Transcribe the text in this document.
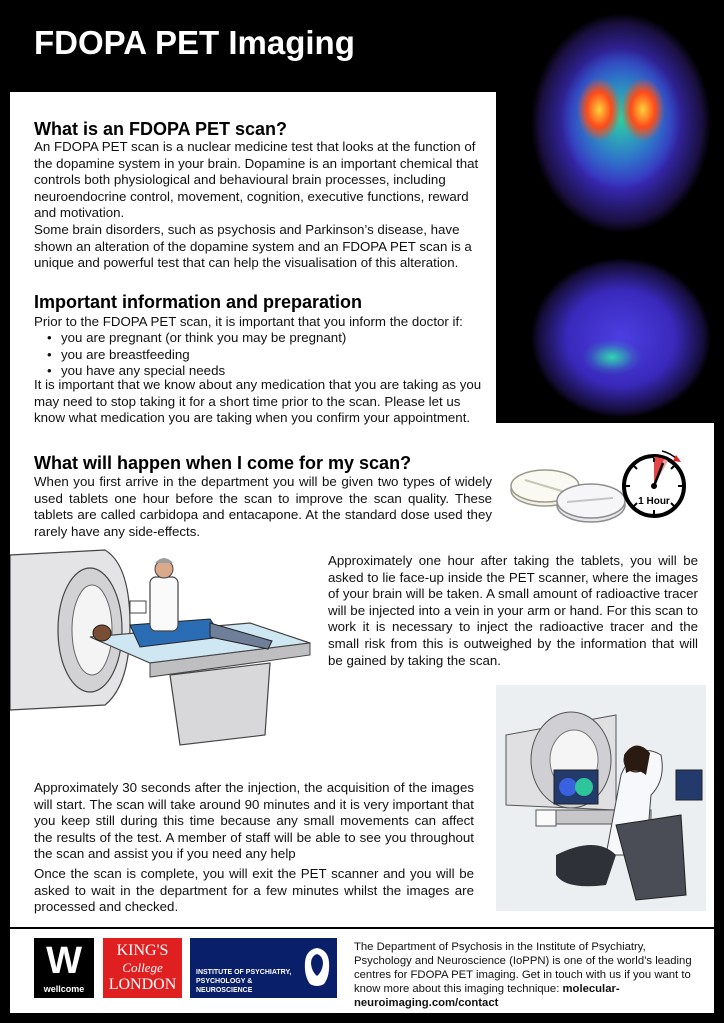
FDOPA PET Imaging
What is an FDOPA PET scan?

An FDOPA PET scan is a nuclear medicine test that looks at the function of the dopamine system in your brain. Dopamine is an important chemical that controls both physiological and behavioural brain processes, including neuroendocrine control, movement, cognition, executive functions, reward and motivation.

Some brain disorders, such as psychosis and Parkinson’s disease, have shown an alteration of the dopamine system and an FDOPA PET scan is a unique and powerful test that can help the visualisation of this alteration.

Important information and preparation

Prior to the FDOPA PET scan, it is important that you inform the doctor if:

• you are pregnant (or think you may be pregnant)
• you are breastfeeding
• you have any special needs

It is important that we know about any medication that you are taking as you may need to stop taking it for a short time prior to the scan. Please let us know what medication you are taking when you confirm your appointment.

What will happen when I come for my scan?

When you first arrive in the department you will be given two types of widely used tablets one hour before the scan to improve the scan quality. These tablets are called carbidopa and entacapone. At the standard dose used they rarely have any side-effects.

1 Hour

Approximately one hour after taking the tablets, you will be asked to lie face-up inside the PET scanner, where the images of your brain will be taken. A small amount of radioactive tracer will be injected into a vein in your arm or hand. For this scan to work it is necessary to inject the radioactive tracer and the small risk from this is outweighed by the information that will be gained by taking the scan.

Approximately 30 seconds after the injection, the acquisition of the images will start. The scan will take around 90 minutes and it is very important that you keep still during this time because any small movements can affect the results of the test. A member of staff will be able to see you throughout the scan and assist you if you need any help

Once the scan is complete, you will exit the PET scanner and you will be asked to wait in the department for a few minutes whilst the images are processed and checked.

W
wellcome
KING'S
College
LONDON
INSTITUTE OF PSYCHIATRY, PSYCHOLOGY & NEUROSCIENCE

The Department of Psychosis in the Institute of Psychiatry, Psychology and Neuroscience (IoPPN) is one of the world’s leading centres for FDOPA PET imaging. Get in touch with us if you want to know more about this imaging technique: molecular-neuroimaging.com/contact
